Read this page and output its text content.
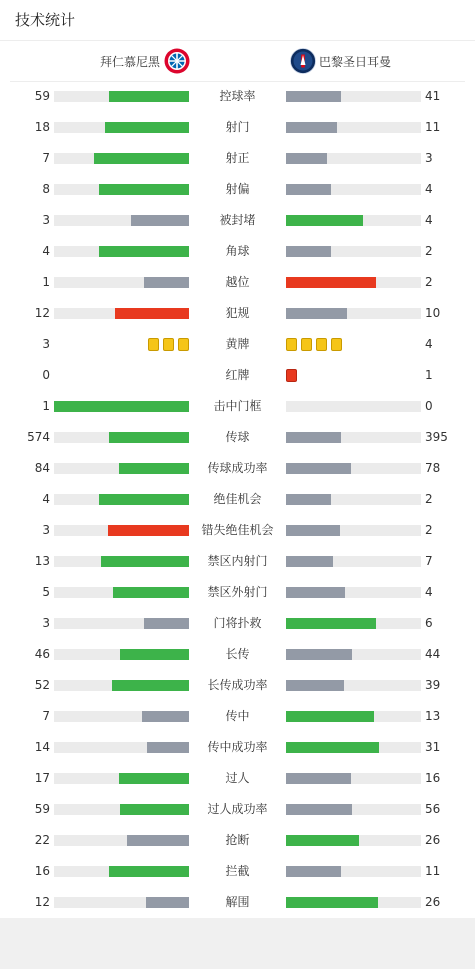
技术统计
拜仁慕尼黑	巴黎圣日耳曼
59	控球率	41
18	射门	11
7	射正	3
8	射偏	4
3	被封堵	4
4	角球	2
1	越位	2
12	犯规	10
3	黄牌	4
0	红牌	1
1	击中门框	0
574	传球	395
84	传球成功率	78
4	绝佳机会	2
3	错失绝佳机会	2
13	禁区内射门	7
5	禁区外射门	4
3	门将扑救	6
46	长传	44
52	长传成功率	39
7	传中	13
14	传中成功率	31
17	过人	16
59	过人成功率	56
22	抢断	26
16	拦截	11
12	解围	26
